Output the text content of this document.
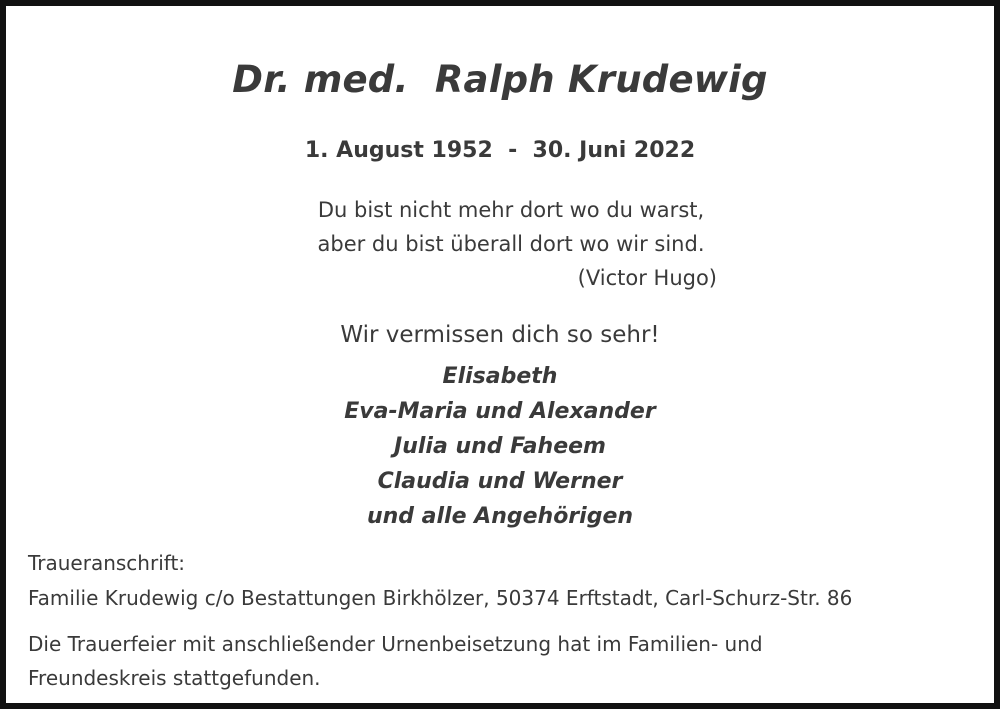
Dr. med.  Ralph Krudewig
1. August 1952  -  30. Juni 2022
Du bist nicht mehr dort wo du warst,
aber du bist überall dort wo wir sind.
(Victor Hugo)
Wir vermissen dich so sehr!
Elisabeth
Eva-Maria und Alexander
Julia und Faheem
Claudia und Werner
und alle Angehörigen
Traueranschrift:
Familie Krudewig c/o Bestattungen Birkhölzer, 50374 Erftstadt, Carl-Schurz-Str. 86
Die Trauerfeier mit anschließender Urnenbeisetzung hat im Familien- und
Freundeskreis stattgefunden.
